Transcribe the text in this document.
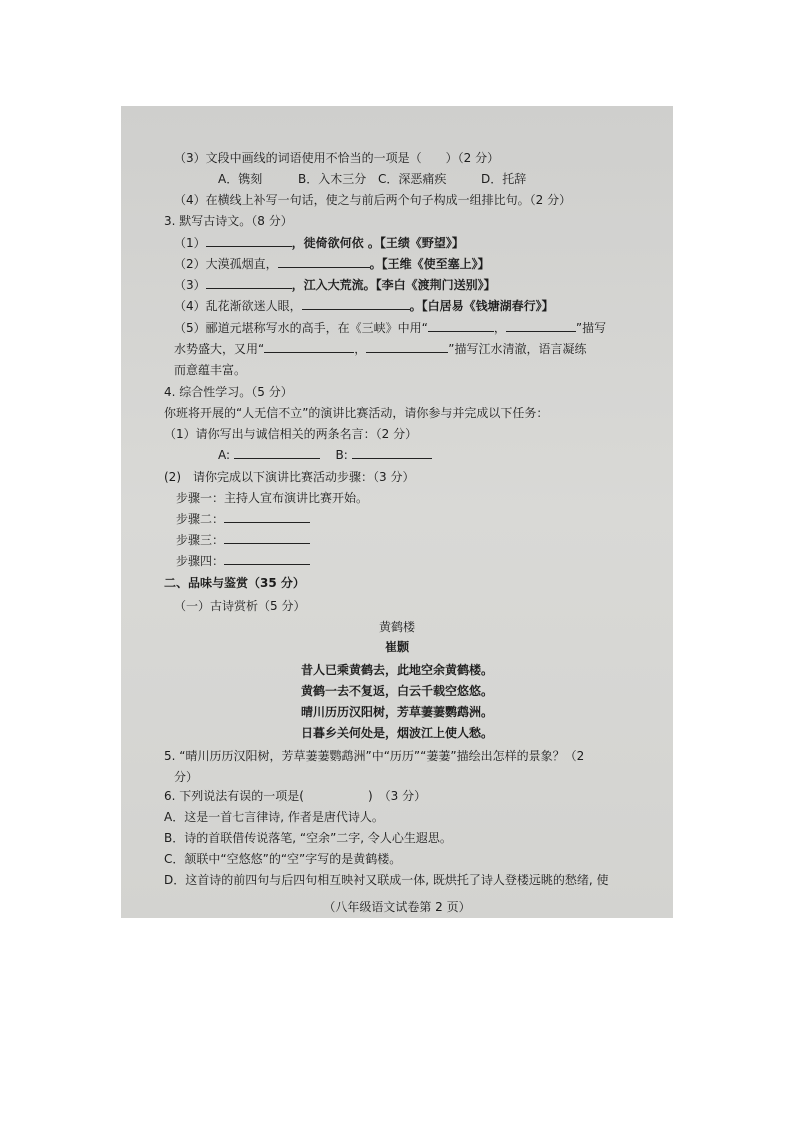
（3）文段中画线的词语使用不恰当的一项是（　　）（2 分）
A．镌刻	B．入木三分 C．深恶痛疾	D．托辞
（4）在横线上补写一句话，使之与前后两个句子构成一组排比句。（2 分）
3. 默写古诗文。（8 分）
（1）	，徙倚欲何依 。【王绩《野望》】
（2）大漠孤烟直，	。【王维《使至塞上》】
（3）	，江入大荒流。【李白《渡荆门送别》】
（4）乱花渐欲迷人眼，	。【白居易《钱塘湖春行》】
（5）郦道元堪称写水的高手，在《三峡》中用“	，	”描写
水势盛大，又用“	，	”描写江水清澈，语言凝练
而意蕴丰富。
4. 综合性学习。（5 分）
你班将开展的“人无信不立”的演讲比赛活动，请你参与并完成以下任务：
（1）请你写出与诚信相关的两条名言：（2 分）
A:	B:
(2)　请你完成以下演讲比赛活动步骤：（3 分）
步骤一：主持人宣布演讲比赛开始。
步骤二：
步骤三：
步骤四：
二、品味与鉴赏（35 分）
（一）古诗赏析（5 分）
黄鹤楼
崔颢
昔人已乘黄鹤去，此地空余黄鹤楼。
黄鹤一去不复返，白云千载空悠悠。
晴川历历汉阳树，芳草萋萋鹦鹉洲。
日暮乡关何处是，烟波江上使人愁。
5. “晴川历历汉阳树，芳草萋萋鹦鹉洲”中“历历”“萋萋”描绘出怎样的景象？（2
分）
6. 下列说法有误的一项是(	)　（3 分）
A．这是一首七言律诗, 作者是唐代诗人。
B．诗的首联借传说落笔, “空余”二字, 令人心生遐思。
C．颔联中“空悠悠”的“空”字写的是黄鹤楼。
D．这首诗的前四句与后四句相互映衬又联成一体, 既烘托了诗人登楼远眺的愁绪, 使
（八年级语文试卷第 2 页）
